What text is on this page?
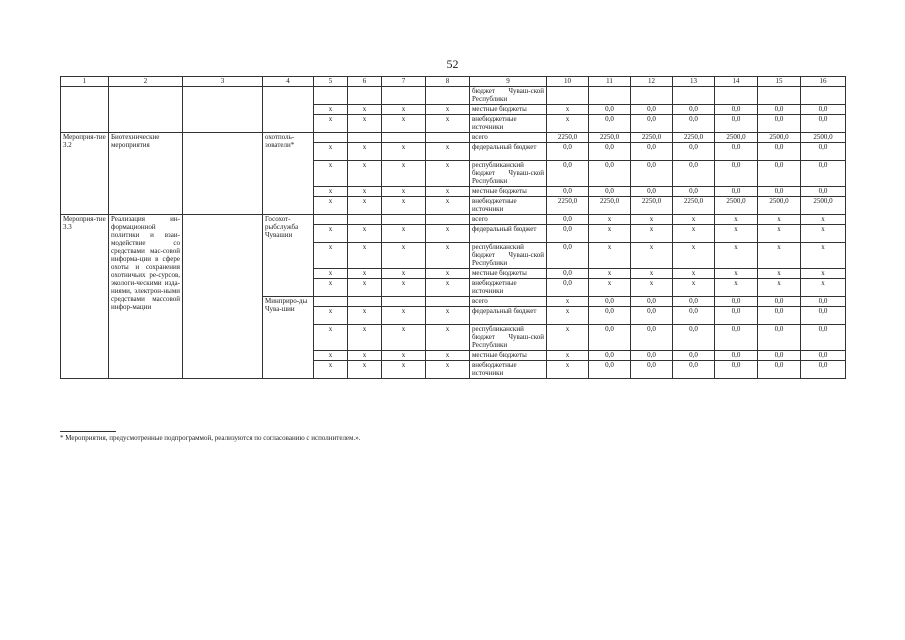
52
1	2	3	4	5	6	7	8	9	10	11	12	13	14	15	16
								бюджет Чуваш-ской Республики							
				х	х	х	х	местные бюджеты	х	0,0	0,0	0,0	0,0	0,0	0,0
				х	х	х	х	внебюджетные источники	х	0,0	0,0	0,0	0,0	0,0	0,0
Мероприя-тие 3.2	Биотехнические мероприятия		охотполь-зователи*					всего	2250,0	2250,0	2250,0	2250,0	2500,0	2500,0	2500,0
				х	х	х	х	федеральный бюджет	0,0	0,0	0,0	0,0	0,0	0,0	0,0
				х	х	х	х	республиканский бюджет Чуваш-ской Республики	0,0	0,0	0,0	0,0	0,0	0,0	0,0
				х	х	х	х	местные бюджеты	0,0	0,0	0,0	0,0	0,0	0,0	0,0
				х	х	х	х	внебюджетные источники	2250,0	2250,0	2250,0	2250,0	2500,0	2500,0	2500,0
Мероприя-тие 3.3	Реализация ин-формационной политики и взаи-модействие со средствами мас-совой информа-ции в сфере охоты и сохранения охотничьих ре-сурсов, экологи-ческими изда-ниями, электрон-ными средствами массовой инфор-мации		Госохот-рыбслужба Чувашии					всего	0,0	х	х	х	х	х	х
				х	х	х	х	федеральный бюджет	0,0	х	х	х	х	х	х
				х	х	х	х	республиканский бюджет Чуваш-ской Республики	0,0	х	х	х	х	х	х
				х	х	х	х	местные бюджеты	0,0	х	х	х	х	х	х
				х	х	х	х	внебюджетные источники	0,0	х	х	х	х	х	х
			Минприро-ды Чува-шии					всего	х	0,0	0,0	0,0	0,0	0,0	0,0
				х	х	х	х	федеральный бюджет	х	0,0	0,0	0,0	0,0	0,0	0,0
				х	х	х	х	республиканский бюджет Чуваш-ской Республики	х	0,0	0,0	0,0	0,0	0,0	0,0
				х	х	х	х	местные бюджеты	х	0,0	0,0	0,0	0,0	0,0	0,0
				х	х	х	х	внебюджетные источники	х	0,0	0,0	0,0	0,0	0,0	0,0
* Мероприятия, предусмотренные подпрограммой, реализуются по согласованию с исполнителем.».
